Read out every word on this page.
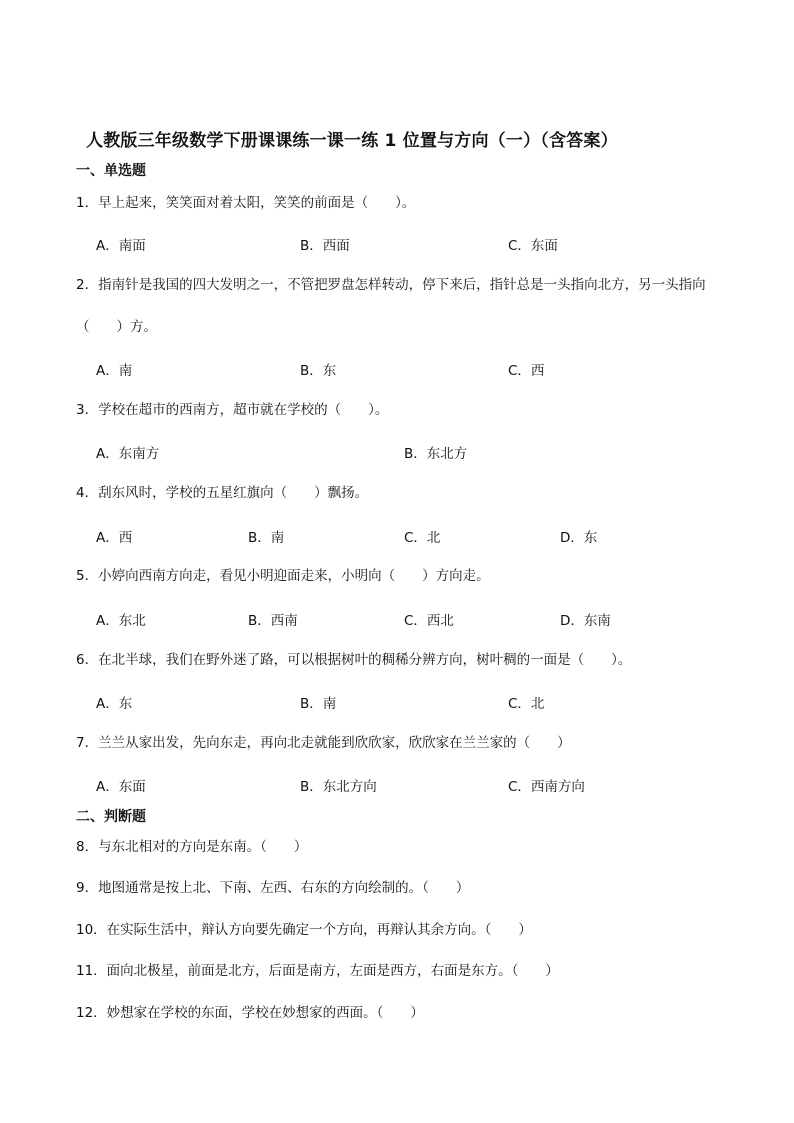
人教版三年级数学下册课课练一课一练 1 位置与方向（一）（含答案）
一、单选题
1．早上起来，笑笑面对着太阳，笑笑的前面是（　　）。
A．南面	B．西面	C．东面
2．指南针是我国的四大发明之一，不管把罗盘怎样转动，停下来后，指针总是一头指向北方，另一头指向（　　）方。
A．南	B．东	C．西
3．学校在超市的西南方，超市就在学校的（　　）。
A．东南方	B．东北方
4．刮东风时，学校的五星红旗向（　　）飘扬。
A．西	B．南	C．北	D．东
5．小婷向西南方向走，看见小明迎面走来，小明向（　　）方向走。
A．东北	B．西南	C．西北	D．东南
6．在北半球，我们在野外迷了路，可以根据树叶的稠稀分辨方向，树叶稠的一面是（　　）。
A．东	B．南	C．北
7．兰兰从家出发，先向东走，再向北走就能到欣欣家，欣欣家在兰兰家的（　　）
A．东面	B．东北方向	C．西南方向
二、判断题
8．与东北相对的方向是东南。（　　）
9．地图通常是按上北、下南、左西、右东的方向绘制的。（　　）
10．在实际生活中，辩认方向要先确定一个方向，再辩认其余方向。（　　）
11．面向北极星，前面是北方，后面是南方，左面是西方，右面是东方。（　　）
12．妙想家在学校的东面，学校在妙想家的西面。（　　）
